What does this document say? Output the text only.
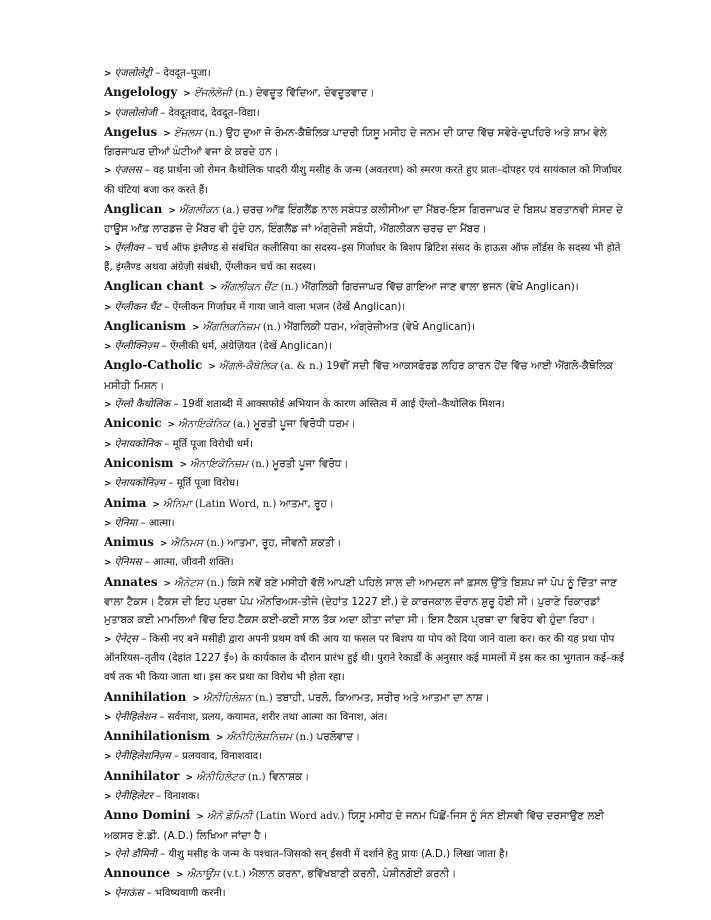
> एंजलोलेट्री – देवदूत–पूजा।
Angelology > ਏਂਜਲੋਲੋਜੀ (n.) ਦੇਵਦੂਤ ਵਿੱਦਿਆ, ਦੇਵਦੂਤਵਾਦ।
> एंजलोलोजी – देवदूतवाद, देवदूत–विद्या।
Angelus > ਏਂਜਲਸ (n.) ਉਹ ਦੁਆ ਜੋ ਰੋਮਨ-ਕੈਥੋਲਿਕ ਪਾਦਰੀ ਯਿਸੂ ਮਸੀਹ ਦੇ ਜਨਮ ਦੀ ਯਾਦ ਵਿੱਚ ਸਵੇਰੇ-ਦੁਪਹਿਰੇ ਅਤੇ ਸ਼ਾਮ ਵੇਲੇ ਗਿਰਜਾਘਰ ਦੀਆਂ ਘੰਟੀਆਂ ਵਜਾ ਕੇ ਕਰਦੇ ਹਨ।
> एंजलस – वह प्रार्थना जो रोमन कैथोलिक पादरी यीशु मसीह के जन्म (अवतरण) को स्मरण करते हुए प्रातः–दोपहर एवं सायंकाल को गिर्जाघर की घंटियां बजा कर करते हैं।
Anglican > ਐਂਗਲੀਕਨ (a.) ਚਰਚ ਆੱਫ਼ ਇੰਗਲੈਂਡ ਨਾਲ ਸਬੰਧਤ ਕਲੀਸੀਆ ਦਾ ਮੈਂਬਰ-ਇਸ ਗਿਰਜਾਘਰ ਦੇ ਬਿਸ਼ਪ ਬਰਤਾਨਵੀ ਸੰਸਦ ਦੇ ਹਾਊਸ ਆੱਫ਼ ਲਾਰਡਜ਼ ਦੇ ਮੈਂਬਰ ਵੀ ਹੁੰਦੇ ਹਨ, ਇੰਗਲੈਂਡ ਜਾਂ ਅੰਗ੍ਰੇਜ਼ੀ ਸਬੰਧੀ, ਐਂਗਲੀਕਨ ਚਰਚ ਦਾ ਮੈਂਬਰ।
> ऐंग्लीक्न – चर्च ऑफ इंग्लैण्ड से संबंधित कलीसिया का सदस्य–इस गिर्जाघर के बिशप ब्रिटिश संसद के हाऊस ऑफ लॉर्डस के सदस्य भी होते हैं, इंग्लैण्ड अथवा अंग्रेज़ी संबंधी, ऐंग्लीकन चर्च का सदस्य।
Anglican chant > ਐਂਗਲੀਕਨ ਚੈਂਟ (n.) ਐਂਗਲਿਕੀ ਗਿਰਜਾਘਰ ਵਿੱਚ ਗਾਇਆ ਜਾਣ ਵਾਲਾ ਭਜਨ (ਵੇਖੋ Anglican)।
> ऐंग्लीकन चैंट – ऐंग्लीकन गिर्जाघर में गाया जाने वाला भजन (देखें Anglican)।
Anglicanism > ਐਂਗਲਿਕਨਿਜ਼ਮ (n.) ਐਂਗਲਿਕੀ ਧਰਮ, ਅੰਗ੍ਰੇਜ਼ੀਅਤ (ਵੇਖੋ Anglican)।
> ऐंग्लीक्निज़्म – ऐंग्लीकी धर्म, अंग्रेज़ियत (देखें Anglican)।
Anglo-Catholic > ਐਂਗਲੋ-ਕੈਥੋਲਿਕ (a. & n.) 19ਵੀਂ ਸਦੀ ਵਿੱਚ ਆਕਸਫੋਰਡ ਲਹਿਰ ਕਾਰਨ ਹੋਂਦ ਵਿੱਚ ਆਈ ਐਂਗਲੋ-ਕੈਥੋਲਿਕ ਮਸੀਹੀ ਮਿਸ਼ਨ।
> ऐंग्लो कैथोलिक – 19वीं शताब्दी में आक्सफोर्ड अभियान के कारण अस्तित्व में आई ऐंग्लो–कैथोलिक मिशन।
Aniconic > ਐਨਾਇਕੋਨਿਕ (a.) ਮੂਰਤੀ ਪੂਜਾ ਵਿਰੋਧੀ ਧਰਮ।
> ऐनायकोनिक – मूर्ति पूजा विरोधी धर्म।
Aniconism > ਐਨਾਇਕੋਨਿਜ਼ਮ (n.) ਮੂਰਤੀ ਪੂਜਾ ਵਿਰੋਧ।
> ऐनायकोनिज़्म – मूर्ति पूजा विरोध।
Anima > ਐਨਿਮਾ (Latin Word, n.) ਆਤਮਾ, ਰੂਹ।
> ऐनिमा – आत्मा।
Animus > ਐਨਿਮਸ (n.) ਆਤਮਾ, ਰੂਹ, ਜੀਵਨੀ ਸ਼ਕਤੀ।
> ऐनिमस – आत्मा, जीवनी शक्ति।
Annates > ਐਨੇਟਸ (n.) ਕਿਸੇ ਨਵੇਂ ਬਣੇ ਮਸੀਹੀ ਵੱਲੋਂ ਆਪਣੀ ਪਹਿਲੇ ਸਾਲ ਦੀ ਆਮਦਨ ਜਾਂ ਫ਼ਸਲ ਉੱਤੇ ਬਿਸ਼ਪ ਜਾਂ ਪੋਪ ਨੂੰ ਦਿੱਤਾ ਜਾਣ ਵਾਲਾ ਟੈਕਸ। ਟੈਕਸ ਦੀ ਇਹ ਪ੍ਰਥਾ ਪੋਪ ਔਨਰਿਅਸ-ਤੀਜੇ (ਦੇਹਾਂਤ 1227 ਈ.) ਦੇ ਕਾਰਜਕਾਲ ਦੌਰਾਨ ਸ਼ੁਰੂ ਹੋਈ ਸੀ। ਪੁਰਾਣੇ ਰਿਕਾਰਡਾਂ ਮੁਤਾਬਕ ਕਈ ਮਾਮਲਿਆਂ ਵਿੱਚ ਇਹ ਟੈਕਸ ਕਈ-ਕਈ ਸਾਲ ਤੱਕ ਅਦਾ ਕੀਤਾ ਜਾਂਦਾ ਸੀ। ਇਸ ਟੈਕਸ ਪ੍ਰਥਾ ਦਾ ਵਿਰੋਧ ਵੀ ਹੁੰਦਾ ਰਿਹਾ।
> ऐनेट्स – किसी नए बने मसीही द्वारा अपनी प्रथम वर्ष की आय या फसल पर बिशप या पोप को दिया जाने वाला कर। कर की यह प्रथा पोप ऑनरियस–तृतीय (देहांत 1227 ई०) के कार्यकाल के दौरान प्रारंभ हुई थी। पुराने रेकार्डों के अनुसार कई मामलों में इस कर का भुगतान कई–कई वर्ष तक भी किया जाता था। इस कर प्रथा का विरोध भी होता रहा।
Annihilation > ਐਨੀਹਿਲੇਸ਼ਨ (n.) ਤਬਾਹੀ, ਪਰਲੋ, ਕਿਆਮਤ, ਸਰੀਰ ਅਤੇ ਆਤਮਾ ਦਾ ਨਾਸ਼।
> ऐनीहिलेशन – सर्वनाश, प्रलय, कयामत, शरीर तथा आत्मा का विनाश, अंत।
Annihilationism > ਐਨੀਹਿਲੇਸ਼ਨਿਜ਼ਮ (n.) ਪਰਲੋਵਾਦ।
> ऐनीहिलेशनिज़्म – प्रलयवाद, विनाशवाद।
Annihilator > ਐਨੀਹਿਲੇਟਰ (n.) ਵਿਨਾਸ਼ਕ।
> ऐनीहिलेटर – विनाशक।
Anno Domini > ਐਨੋ ਡੌਮਿਨੀ (Latin Word adv.) ਯਿਸੂ ਮਸੀਹ ਦੇ ਜਨਮ ਪਿੱਛੋਂ-ਜਿਸ ਨੂੰ ਸੰਨ ਈਸਵੀ ਵਿੱਚ ਦਰਸਾਉਣ ਲਈ ਅਕਸਰ ਏ.ਡੀ. (A.D.) ਲਿਖਿਆ ਜਾਂਦਾ ਹੈ।
> ऐनो डौमिनी – यीशु मसीह के जन्म के पश्चात–जिसको सन् ईसवी में दर्शाने हेतु प्रायः (A.D.) लिखा जाता है।
Announce > ਐਨਾਊਂਸ (v.t.) ਐਲਾਨ ਕਰਨਾ, ਭਵਿੱਖਬਾਣੀ ਕਰਨੀ, ਪੇਸ਼ੀਨਗੋਈ ਕਰਨੀ।
> ऐनाऊंस – भविष्यवाणी करनी।
